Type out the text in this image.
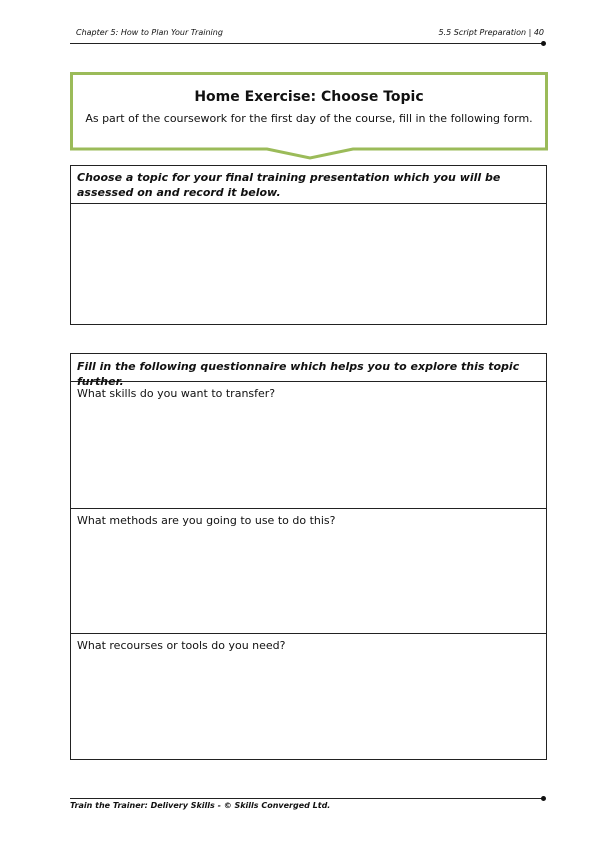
Chapter 5: How to Plan Your Training	5.5 Script Preparation | 40
Home Exercise: Choose Topic
As part of the coursework for the first day of the course, fill in the following form.
Choose a topic for your final training presentation which you will be assessed on and record it below.
Fill in the following questionnaire which helps you to explore this topic further.
What skills do you want to transfer?
What methods are you going to use to do this?
What recourses or tools do you need?
Train the Trainer: Delivery Skills - © Skills Converged Ltd.
